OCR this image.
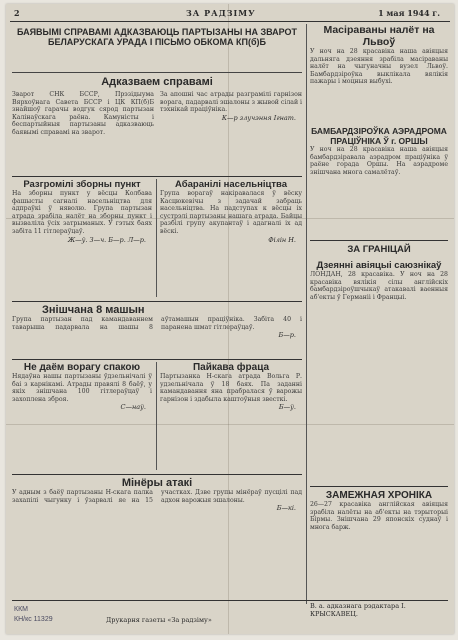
2	ЗА РАДЗІМУ	1 мая 1944 г.
БАЯВЫМІ СПРАВАМІ АДКАЗВАЮЦЬ ПАРТЫЗАНЫ НА ЗВАРОТ БЕЛАРУСКАГА УРАДА І ПІСЬМО ОБКОМА КП(б)Б
Адказваем справамі
Зварот СНК БССР, Прэзідыума Вярхоўнага Савета БССР і ЦК КП(б)Б знайшоў гарачы водгук сярод партызан Калінаўскага раёна. Камуністы і беспартыйныя партызаны адказваюць баявымі справамі на зварот.
За апошні час атрады разграмілі гарнізон ворага, падарвалі эшалоны з жывой сілай і тэхнікай праціўніка.
К—р злучэння Ігнат.
Разгромілі зборны пункт
На зборны пункт у вёсцы Колбава фашысты сагналі насельніцтва для адпраўкі ў няволю. Група партызан атрада зрабіла налёт на зборны пункт і вызваліла ўсіх затрыманых. У гэтых баях забіта 11 гітлераўцаў.
Ж—ў. З—ч. Б—р. Л—р.
Абаранілі насельніцтва
Група ворагаў накіравалася ў вёску Касцюкевічы з задачай забраць насельніцтва. На падступах к вёсцы іх сустрэлі партызаны нашага атрада. Байцы разбілі групу акупантаў і адагналі іх ад вёскі.
Філін Н.
Знішчана 8 машын
Група партызан пад камандаваннем таварыша падарвала на шашы 8 аўтамашын праціўніка. Забіта 40 і паранена шмат гітлераўцаў.
Б—р.
Не даём ворагу спакою
Нядаўна нашы партызаны ўдзельнічалі ў баі з карнікамі. Атрады правялі 8 баёў, у якіх знішчана 100 гітлераўцаў і захоплена зброя.
С—наў.
Пайкава фраца
Партызанка Н-скага атрада Вольга Р. удзельнічала ў 18 баях. Па заданні камандавання яна прабралася ў варожы гарнізон і здабыла каштоўныя звесткі.
Б—ў.
Мінёры атакі
У адным з баёў партызаны Н-скага палка захапілі чыгунку і ўзарвалі яе на 15 участках. Дзве групы мінёраў пусцілі пад адхон варожыя эшалоны.
Б—кі.
Масіраваны налёт на Львоў
У ноч на 28 красавіка наша авіяцыя дальняга дзеяння зрабіла масіраваны налёт на чыгуначны вузел Львоў. Бамбардзіроўка выклікала вялікія пажары і моцныя выбухі.
БАМБАРДЗІРОЎКА АЭРАДРОМА ПРАЦІЎНІКА Ў г. ОРШЫ
У ноч на 28 красавіка наша авіяцыя бамбардзіравала аэрадром праціўніка ў раёне горада Оршы. На аэрадроме знішчана многа самалётаў.
ЗА ГРАНІЦАЙ
Дзеянні авіяцыі саюзнікаў
ЛОНДАН, 28 красавіка. У ноч на 28 красавіка вялікія сілы англійскіх бамбардзіроўшчыкаў атакавалі ваенныя аб'екты ў Германіі і Францыі.
ЗАМЕЖНАЯ ХРОНІКА
26—27 красавіка англійская авіяцыя зрабіла налёты на аб'екты на тэрыторыі Бірмы. Знішчана 29 японскіх суднаў і многа барж.
В. а. адказнага рэдактара І. КРЫСКАВЕЦ.
Друкарня газеты «За радзіму»
ККМ
КН/кс 11329
